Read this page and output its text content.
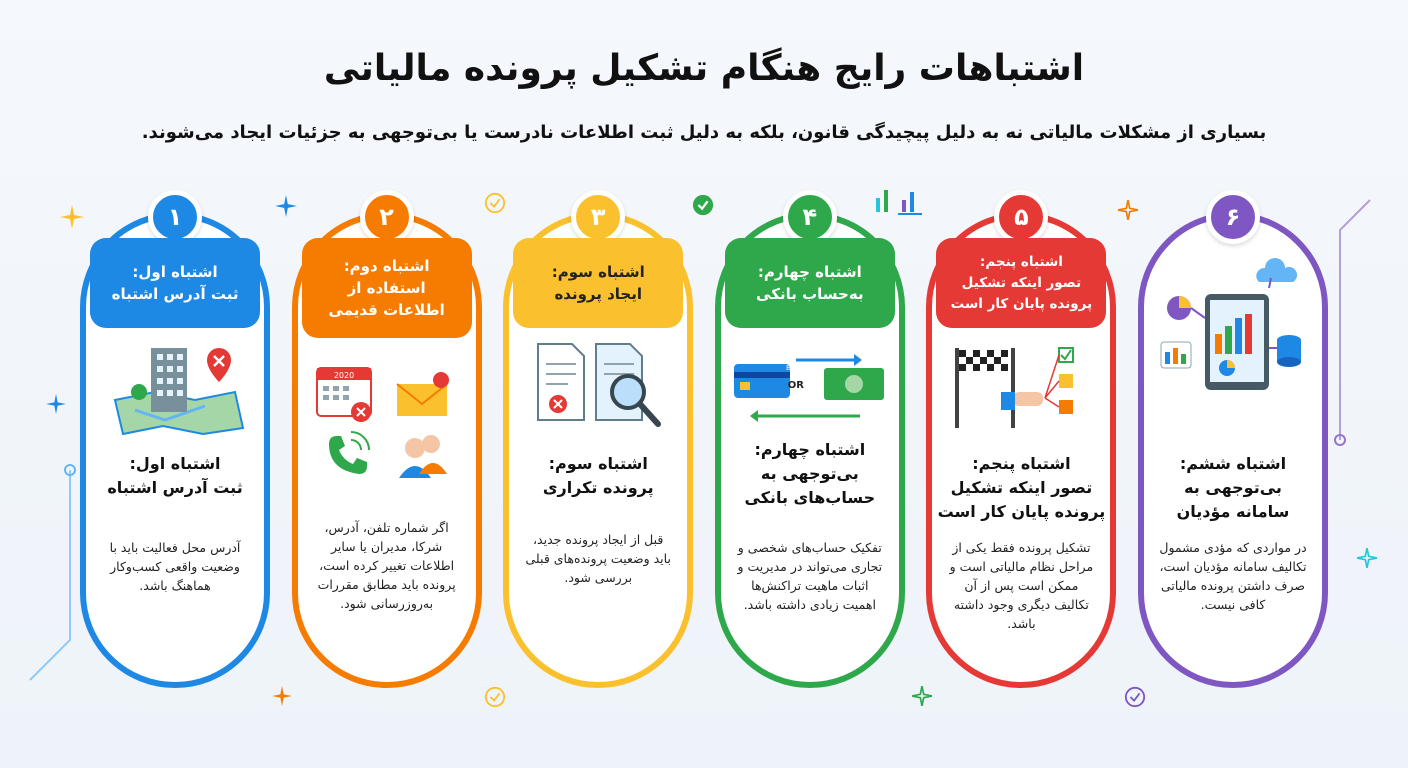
اشتباهات رایج هنگام تشکیل پرونده مالیاتی
بسیاری از مشکلات مالیاتی نه به دلیل پیچیدگی قانون، بلکه به دلیل ثبت اطلاعات نادرست یا بی‌توجهی به جزئیات ایجاد می‌شوند.
۶
اشتباه ششم:
بی‌توجهی به
سامانه مؤدیان
در مواردی که مؤدی مشمول تکالیف سامانه مؤدیان است، صرف داشتن پرونده مالیاتی کافی نیست.
۵
اشتباه پنجم:
تصور اینکه تشکیل
پرونده پایان کار است
اشتباه پنجم:
تصور اینکه تشکیل
پرونده پایان کار است
تشکیل پرونده فقط یکی از مراحل نظام مالیاتی است و ممکن است پس از آن تکالیف دیگری وجود داشته باشد.
۴
اشتباه چهارم:
به‌حساب بانکی
BANK
OR
اشتباه چهارم:
بی‌توجهی به
حساب‌های بانکی
تفکیک حساب‌های شخصی و تجاری می‌تواند در مدیریت و اثبات ماهیت تراکنش‌ها اهمیت زیادی داشته باشد.
۳
اشتباه سوم:
ایجاد پرونده
اشتباه سوم:
پرونده تکراری
قبل از ایجاد پرونده جدید، باید وضعیت پرونده‌های قبلی بررسی شود.
۲
اشتباه دوم:
استفاده از
اطلاعات قدیمی
2020
اگر شماره تلفن، آدرس، شرکا، مدیران یا سایر اطلاعات تغییر کرده است، پرونده باید مطابق مقررات به‌روزرسانی شود.
۱
اشتباه اول:
ثبت آدرس اشتباه
اشتباه اول:
ثبت آدرس اشتباه
آدرس محل فعالیت باید با وضعیت واقعی کسب‌وکار هماهنگ باشد.
